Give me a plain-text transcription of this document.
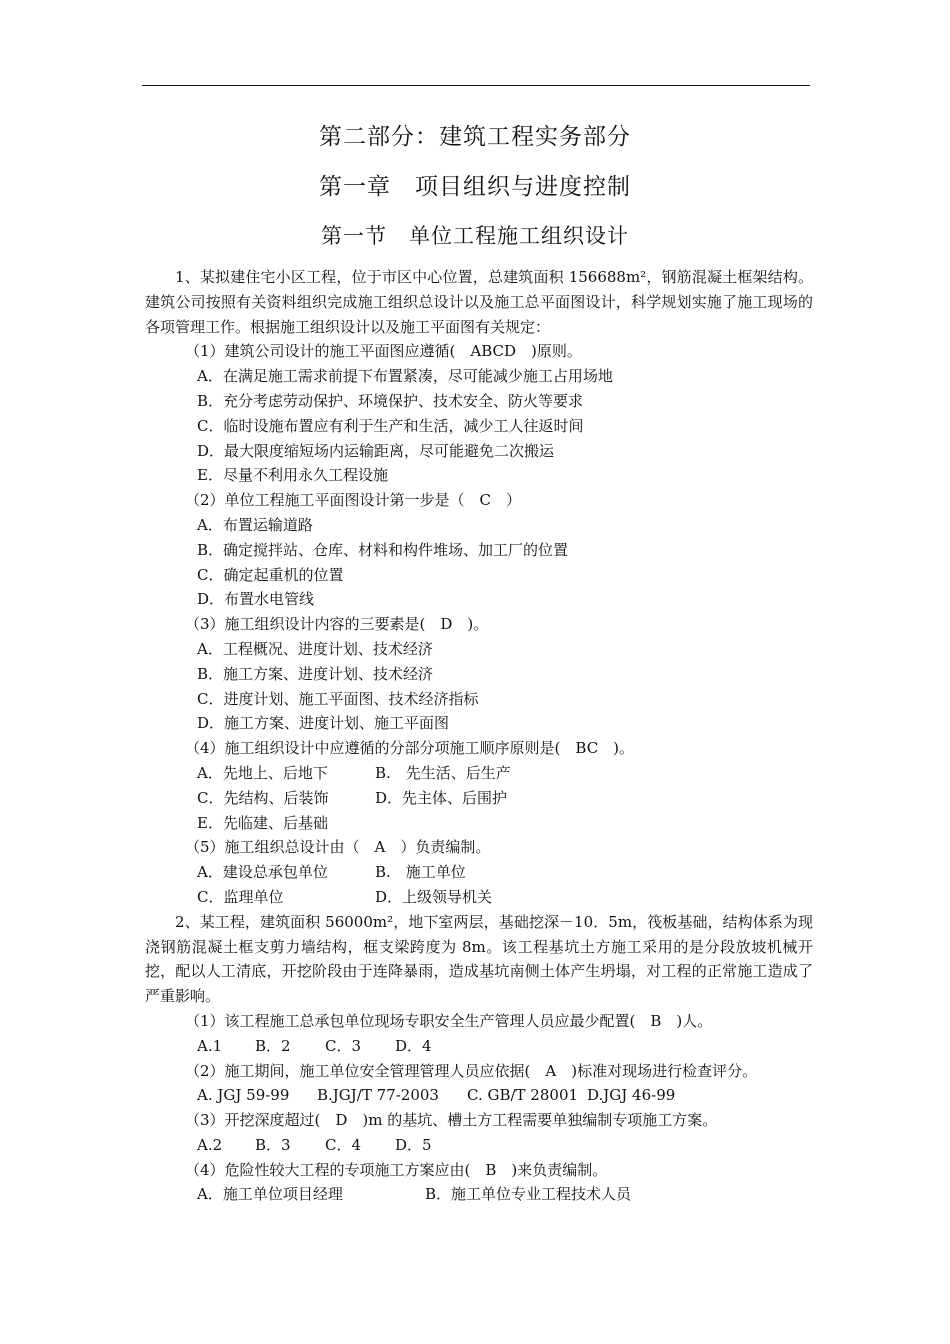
第二部分：建筑工程实务部分
第一章　项目组织与进度控制
第一节　单位工程施工组织设计

1、某拟建住宅小区工程，位于市区中心位置，总建筑面积 156688m²，钢筋混凝土框架结构。建筑公司按照有关资料组织完成施工组织总设计以及施工总平面图设计，科学规划实施了施工现场的各项管理工作。根据施工组织设计以及施工平面图有关规定：

（1）建筑公司设计的施工平面图应遵循(　ABCD　)原则。

A．在满足施工需求前提下布置紧凑，尽可能减少施工占用场地

B．充分考虑劳动保护、环境保护、技术安全、防火等要求

C．临时设施布置应有利于生产和生活，减少工人往返时间

D．最大限度缩短场内运输距离，尽可能避免二次搬运

E．尽量不利用永久工程设施

（2）单位工程施工平面图设计第一步是（　C　）

A．布置运输道路

B．确定搅拌站、仓库、材料和构件堆场、加工厂的位置

C．确定起重机的位置

D．布置水电管线

（3）施工组织设计内容的三要素是(　D　)。

A．工程概况、进度计划、技术经济

B．施工方案、进度计划、技术经济

C．进度计划、施工平面图、技术经济指标

D．施工方案、进度计划、施工平面图

（4）施工组织设计中应遵循的分部分项施工顺序原则是(　BC　)。

A．先地上、后地下	B.　先生活、后生产

C．先结构、后装饰	D．先主体、后围护

E．先临建、后基础

（5）施工组织总设计由（　A　）负责编制。

A．建设总承包单位	B.　施工单位

C．监理单位	D．上级领导机关

2、某工程，建筑面积 56000m²，地下室两层，基础挖深－10．5m，筏板基础，结构体系为现浇钢筋混凝土框支剪力墙结构，框支梁跨度为 8m。该工程基坑土方施工采用的是分段放坡机械开挖，配以人工清底，开挖阶段由于连降暴雨，造成基坑南侧土体产生坍塌，对工程的正常施工造成了严重影响。

（1）该工程施工总承包单位现场专职安全生产管理人员应最少配置(　B　)人。

A.1 B．2 C．3 D．4

（2）施工期间，施工单位安全管理管理人员应依据(　A　)标准对现场进行检查评分。

A. JGJ 59-99 B.JGJ/T 77-2003 C. GB/T 28001 D.JGJ 46-99

（3）开挖深度超过(　D　)m 的基坑、槽土方工程需要单独编制专项施工方案。

A.2 B．3 C．4 D．5

（4）危险性较大工程的专项施工方案应由(　B　)来负责编制。

A．施工单位项目经理	B．施工单位专业工程技术人员
